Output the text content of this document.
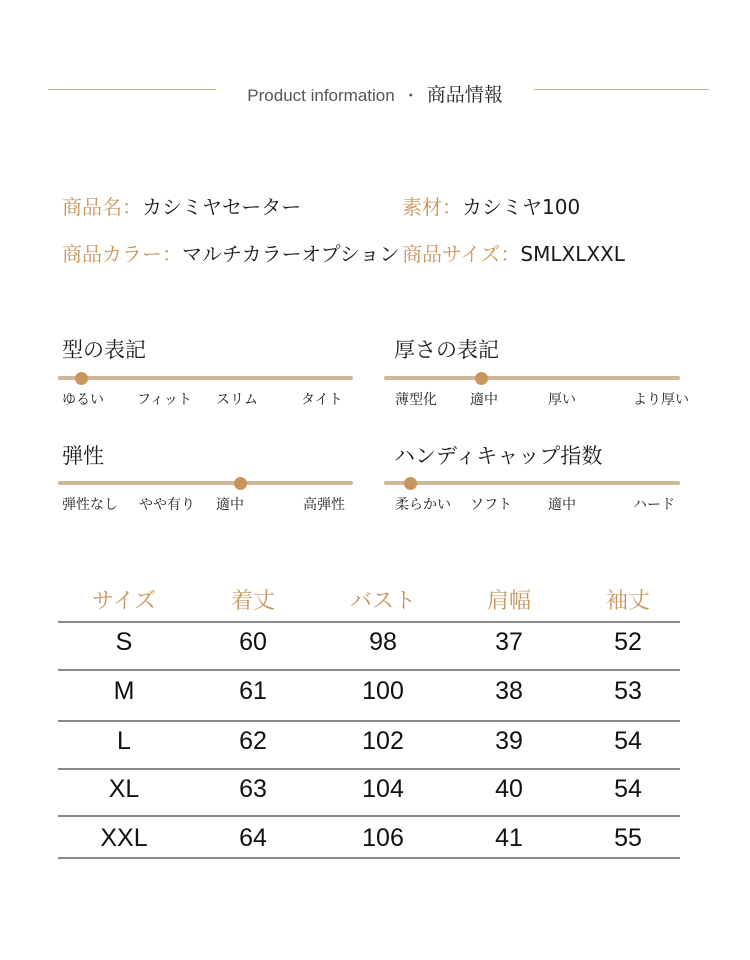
Product information ・ 商品情報
商品名：カシミヤセーター	素材：カシミヤ100
商品カラー：マルチカラーオプション 商品サイズ：SMLXLXXL
型の表記
ゆるい フィット スリム	タイト
厚さの表記
薄型化 適中	厚い	より厚い
弾性
弾性なし やや有り 適中	高弾性
ハンディキャップ指数
柔らかい ソフト	適中	ハード
サイズ	着丈	バスト	肩幅	袖丈
S	60	98	37	52
M	61	100	38	53
L	62	102	39	54
XL	63	104	40	54
XXL	64	106	41	55
